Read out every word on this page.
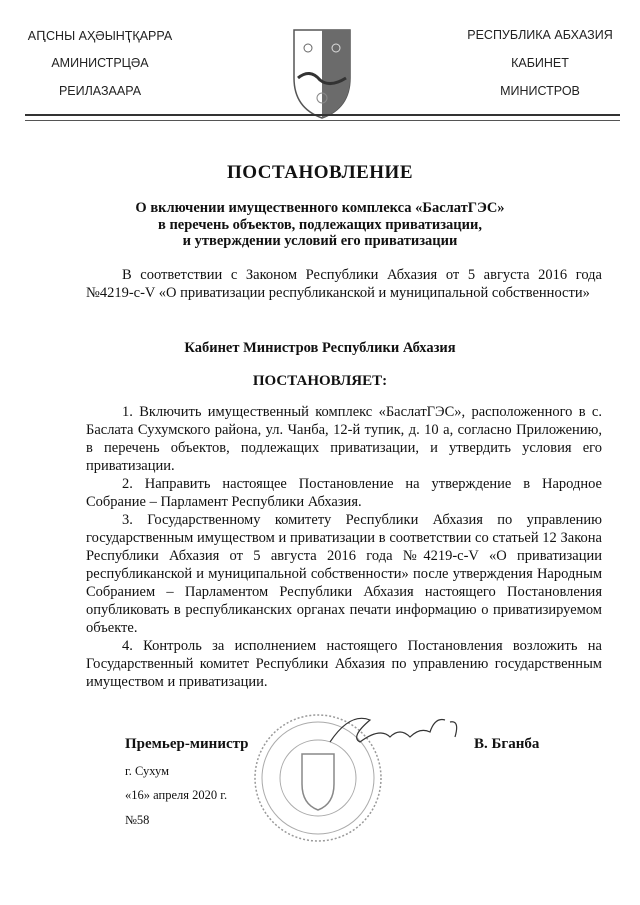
АԤСНЫ АҲӘЫНҬҚАРРА
АМИНИСТРЦӘА
РЕИЛАЗААРА
РЕСПУБЛИКА АБХАЗИЯ
КАБИНЕТ
МИНИСТРОВ
ПОСТАНОВЛЕНИЕ
О включении имущественного комплекса «БаслатГЭС»
в перечень объектов, подлежащих приватизации,
и утверждении условий его приватизации

В соответствии с Законом Республики Абхазия от 5 августа 2016 года №4219-с-V «О приватизации республиканской и муниципальной собственности»

Кабинет Министров Республики Абхазия
ПОСТАНОВЛЯЕТ:

1. Включить имущественный комплекс «БаслатГЭС», расположенного в с. Баслата Сухумского района, ул. Чанба, 12-й тупик, д. 10 а, согласно Приложению, в перечень объектов, подлежащих приватизации, и утвердить условия его приватизации.

2. Направить настоящее Постановление на утверждение в Народное Собрание – Парламент Республики Абхазия.

3. Государственному комитету Республики Абхазия по управлению государственным имуществом и приватизации в соответствии со статьей 12 Закона Республики Абхазия от 5 августа 2016 года №4219-с-V «О приватизации республиканской и муниципальной собственности» после утверждения Народным Собранием – Парламентом Республики Абхазия настоящего Постановления опубликовать в республиканских органах печати информацию о приватизируемом объекте.

4. Контроль за исполнением настоящего Постановления возложить на Государственный комитет Республики Абхазия по управлению государственным имуществом и приватизации.

Премьер-министр	В. Бганба
г. Сухум
«16» апреля 2020 г.
№58
